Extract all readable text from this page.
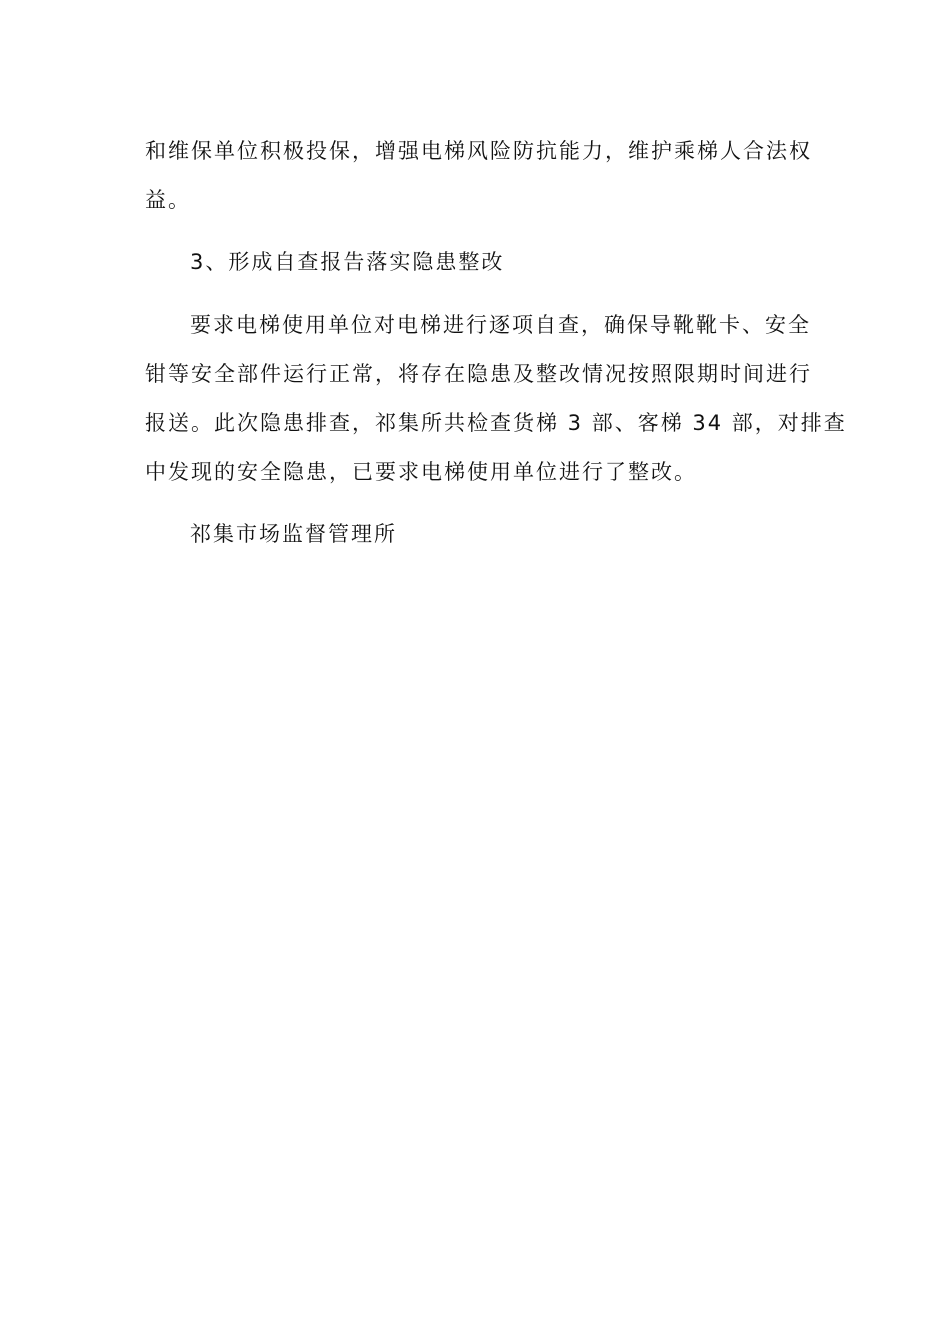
和维保单位积极投保，增强电梯风险防抗能力，维护乘梯人合法权
益。
3、形成自查报告落实隐患整改
要求电梯使用单位对电梯进行逐项自查，确保导靴靴卡、安全
钳等安全部件运行正常，将存在隐患及整改情况按照限期时间进行
报送。此次隐患排查，祁集所共检查货梯 3 部、客梯 34 部，对排查
中发现的安全隐患，已要求电梯使用单位进行了整改。
祁集市场监督管理所
